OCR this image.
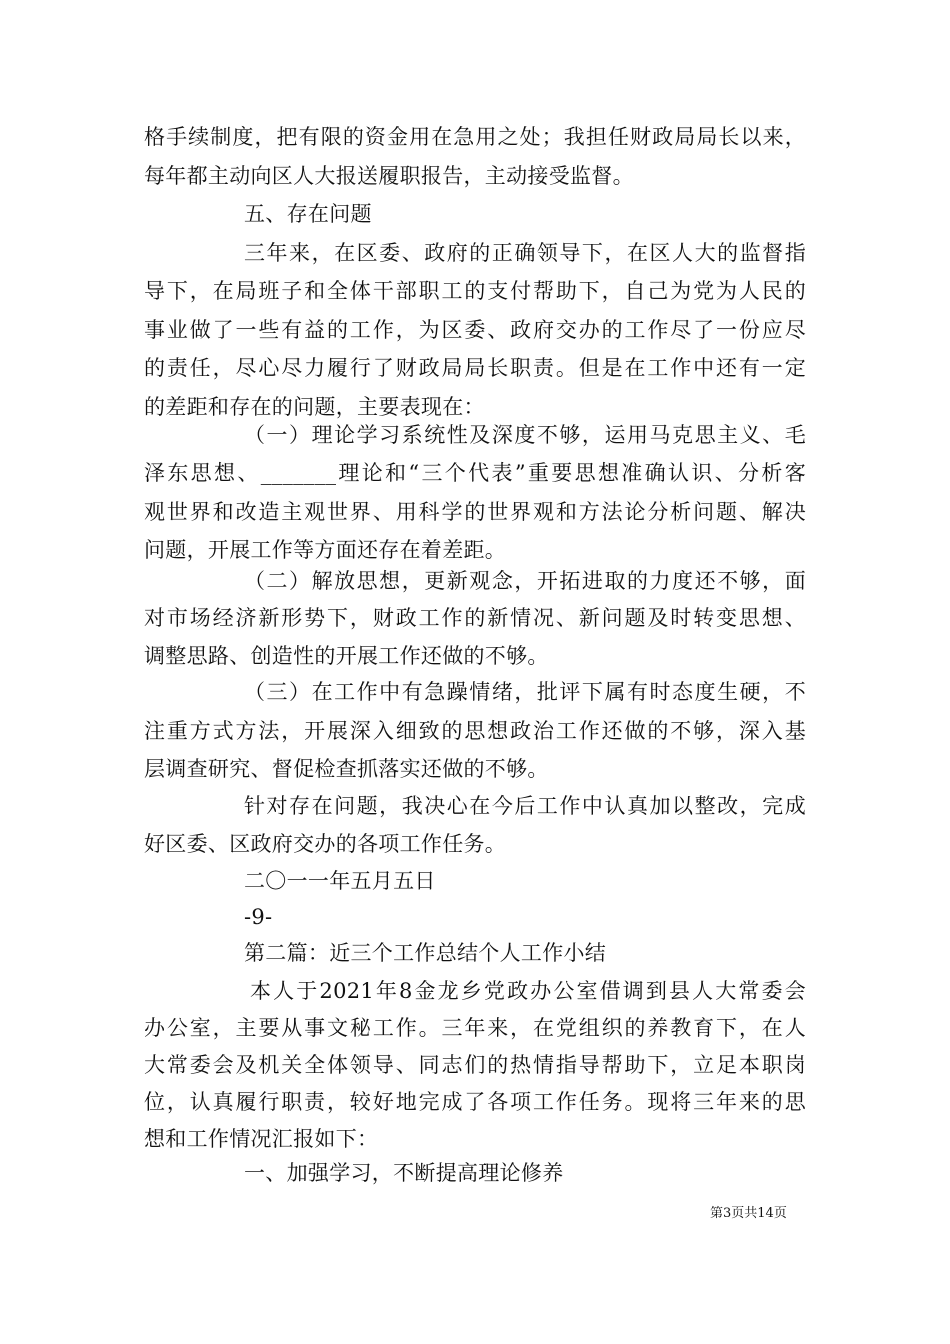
格手续制度，把有限的资金用在急用之处；我担任财政局局长以来，
每年都主动向区人大报送履职报告，主动接受监督。
五、存在问题
三年来，在区委、政府的正确领导下，在区人大的监督指
导下，在局班子和全体干部职工的支付帮助下，自己为党为人民的
事业做了一些有益的工作，为区委、政府交办的工作尽了一份应尽
的责任，尽心尽力履行了财政局局长职责。但是在工作中还有一定
的差距和存在的问题，主要表现在：
（一）理论学习系统性及深度不够，运用马克思主义、毛
泽东思想、_______理论和“三个代表”重要思想准确认识、分析客
观世界和改造主观世界、用科学的世界观和方法论分析问题、解决
问题，开展工作等方面还存在着差距。
（二）解放思想，更新观念，开拓进取的力度还不够，面
对市场经济新形势下，财政工作的新情况、新问题及时转变思想、
调整思路、创造性的开展工作还做的不够。
（三）在工作中有急躁情绪，批评下属有时态度生硬，不
注重方式方法，开展深入细致的思想政治工作还做的不够，深入基
层调查研究、督促检查抓落实还做的不够。
针对存在问题，我决心在今后工作中认真加以整改，完成
好区委、区政府交办的各项工作任务。
二〇一一年五月五日
-9-
第二篇：近三个工作总结个人工作小结
本人于2021年8金龙乡党政办公室借调到县人大常委会
办公室，主要从事文秘工作。三年来，在党组织的养教育下，在人
大常委会及机关全体领导、同志们的热情指导帮助下，立足本职岗
位，认真履行职责，较好地完成了各项工作任务。现将三年来的思
想和工作情况汇报如下：
一、加强学习，不断提高理论修养
第3页共14页
